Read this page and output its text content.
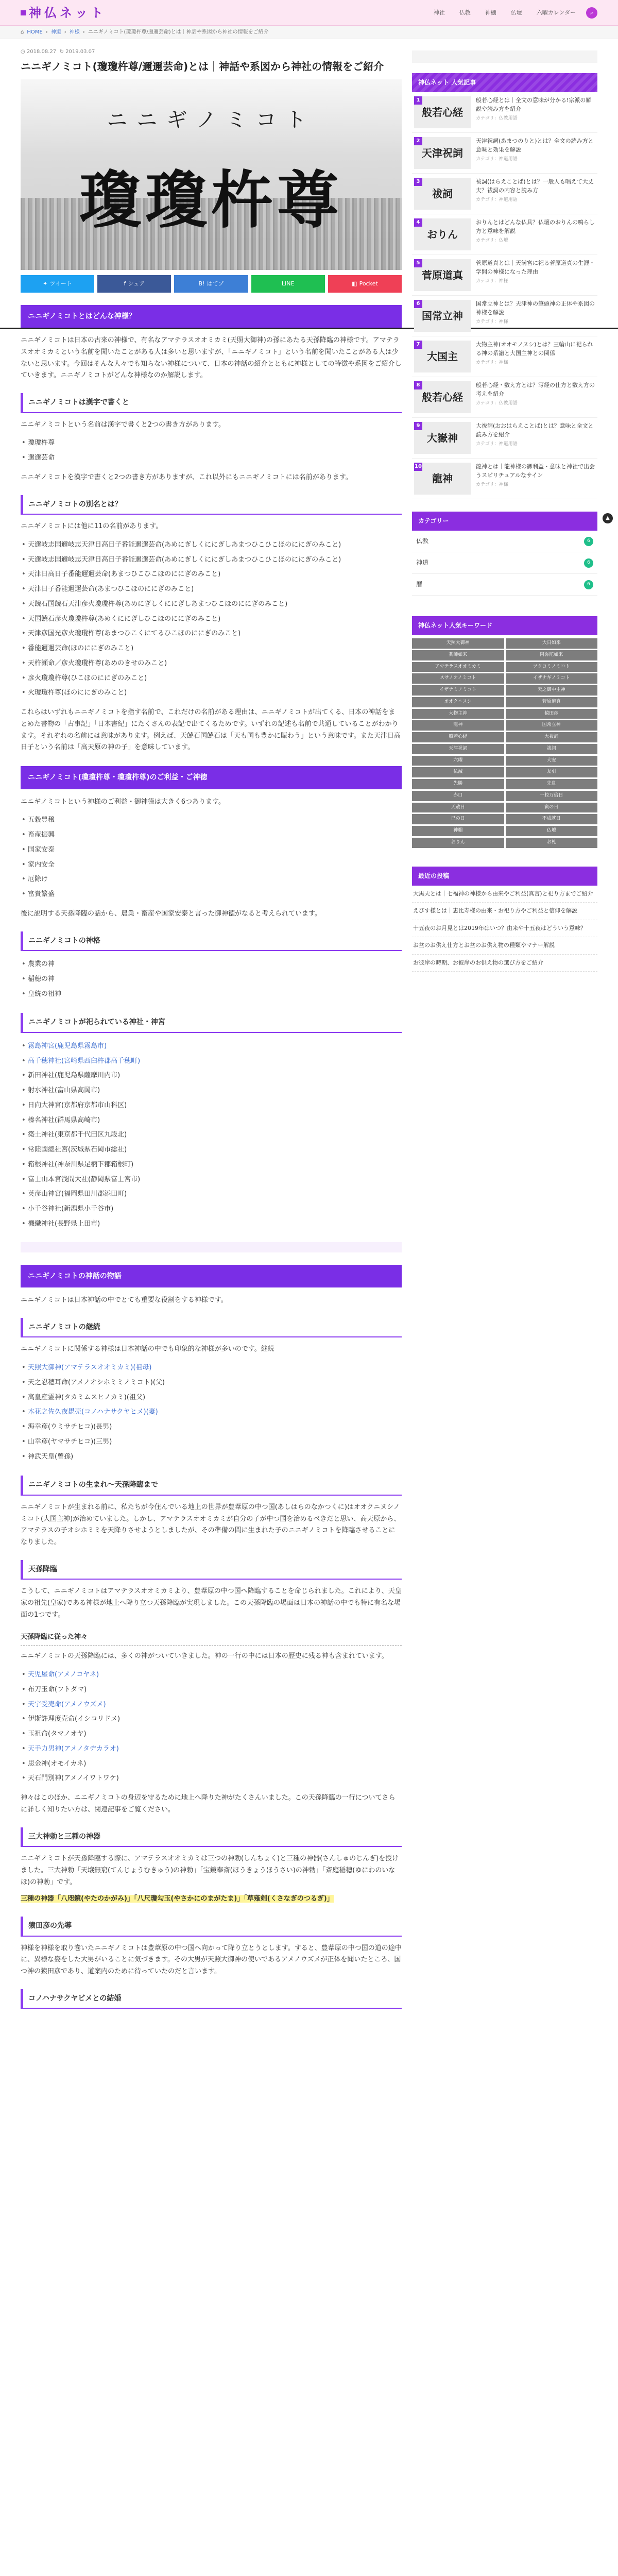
神仏ネット	神社	仏教	神棚	仏壇	六曜カレンダー	⌕
⌂ HOME › 神道 › 神様 › ニニギノミコト(瓊瓊杵尊/邇邇芸命)とは｜神話や系図から神社の情報をご紹介
▲
◷ 2018.08.27 ↻ 2019.03.07
ニニギノミコト(瓊瓊杵尊/邇邇芸命)とは｜神話や系図から神社の情報をご紹介
ニニギノミコト
瓊瓊杵尊
✦ ツイート	f シェア	B! はてブ	LINE	◧ Pocket
ニニギノミコトとはどんな神様？

ニニギノミコトは日本の古来の神様で、有名なアマテラスオオミカミ(天照大御神)の孫にあたる天孫降臨の神様です。アマテラスオオミカミという名前を聞いたことがある人は多いと思いますが、「ニニギノミコト」という名前を聞いたことがある人は少ないと思います。今回はそんな人々でも知らない神様について、日本の神話の紹介とともに神様としての特徴や系図をご紹介していきます。ニニギノミコトがどんな神様なのか解説します。

ニニギノミコトは漢字で書くと

ニニギノミコトという名前は漢字で書くと2つの書き方があります。

• 瓊瓊杵尊
• 邇邇芸命

ニニギノミコトを漢字で書くと2つの書き方がありますが、これ以外にもニニギノミコトには名前があります。

ニニギノミコトの別名とは？

ニニギノミコトには他に11の名前があります。

• 天邇岐志国邇岐志天津日高日子番能邇邇芸命(あめにぎしくににぎしあまつひこひこほのににぎのみこと)
• 天邇岐志国邇岐志天津日高日子番能邇邇芸命(あめにぎしくににぎしあまつひこひこほのににぎのみこと)
• 天津日高日子番能邇邇芸命(あまつひこひこほのににぎのみこと)
• 天津日子番能邇邇芸命(あまつひこほのににぎのみこと)
• 天饒石国饒石天津彦火瓊瓊杵尊(あめにぎしくににぎしあまつひこほのににぎのみこと)
• 天国饒石彦火瓊瓊杵尊(あめくににぎしひこほのににぎのみこと)
• 天津彦国光彦火瓊瓊杵尊(あまつひこくにてるひこほのににぎのみこと)
• 番能邇邇芸命(ほのににぎのみこと)
• 天杵瀬命／彦火瓊瓊杵尊(あめのきせのみこと)
• 彦火瓊瓊杵尊(ひこほのににぎのみこと)
• 火瓊瓊杵尊(ほのににぎのみこと)

これらはいずれもニニギノミコトを指す名前で、これだけの名前がある理由は、ニニギノミコトが出てくる、日本の神話をまとめた書物の「古事記」「日本書紀」にたくさんの表記で出てくるためです。いずれの記述も名前で共通していることがわかります。それぞれの名前には意味があります。例えば、天饒石国饒石は「天も国も豊かに賑わう」という意味です。また天津日高日子という名前は「高天原の神の子」を意味しています。

ニニギノミコト(瓊瓊杵尊・瓊瓊杵尊)のご利益・ご神徳

ニニギノミコトという神様のご利益・御神徳は大きく6つあります。

• 五穀豊穣
• 畜産振興
• 国家安泰
• 家内安全
• 厄除け
• 富貴繁盛

後に説明する天孫降臨の話から、農業・畜産や国家安泰と言った御神徳がなると考えられています。

ニニギノミコトの神格
• 農業の神
• 稲穂の神
• 皇統の祖神
ニニギノミコトが祀られている神社・神宮
• 霧島神宮(鹿児島県霧島市)
• 高千穂神社(宮崎県西臼杵郡高千穂町)
• 新田神社(鹿児島県薩摩川内市)
• 射水神社(富山県高岡市)
• 日向大神宮(京都府京都市山科区)
• 榛名神社(群馬県高崎市)
• 築土神社(東京都千代田区九段北)
• 常陸國總社宮(茨城県石岡市総社)
• 箱根神社(神奈川県足柄下郡箱根町)
• 富士山本宮浅間大社(静岡県富士宮市)
• 英彦山神宮(福岡県田川郡添田町)
• 小千谷神社(新潟県小千谷市)
• 機織神社(長野県上田市)
ニニギノミコトの神話の物語

ニニギノミコトは日本神話の中でとても重要な役割をする神様です。

ニニギノミコトの継続

ニニギノミコトに関係する神様は日本神話の中でも印象的な神様が多いのです。継続

• 天照大御神(アマテラスオオミカミ)(祖母)
• 天之忍穂耳命(アメノオシホミミノミコト)(父)
• 高皇産霊神(タカミムスヒノカミ)(祖父)
• 木花之佐久夜毘売(コノハナサクヤヒメ)(妻)
• 海幸彦(ウミサチヒコ)(長男)
• 山幸彦(ヤマサチヒコ)(三男)
• 神武天皇(曾孫)
ニニギノミコトの生まれ〜天孫降臨まで

ニニギノミコトが生まれる前に、私たちが今住んでいる地上の世界が豊葦原の中つ国(あしはらのなかつくに)はオオクニヌシノミコト(大国主神)が治めていました。しかし、アマテラスオオミカミが自分の子が中つ国を治めるべきだと思い、高天原から、アマテラスの子オシホミミを天降りさせようとしましたが、その準備の間に生まれた子のニニギノミコトを降臨させることになりました。

天孫降臨

こうして、ニニギノミコトはアマテラスオオミカミより、豊葦原の中つ国へ降臨することを命じられました。これにより、天皇家の祖先(皇家)である神様が地上へ降り立つ天孫降臨が実現しました。この天孫降臨の場面は日本の神話の中でも特に有名な場面の1つです。

天孫降臨に従った神々

ニニギノミコトの天孫降臨には、多くの神がついていきました。神の一行の中には日本の歴史に残る神も含まれています。

• 天児屋命(アメノコヤネ)
• 布刀玉命(フトダマ)
• 天宇受売命(アメノウズメ)
• 伊斯許理度売命(イシコリドメ)
• 玉祖命(タマノオヤ)
• 天手力男神(アメノタヂカラオ)
• 思金神(オモイカネ)
• 天石門別神(アメノイワトワケ)

神々はこのほか、ニニギノミコトの身辺を守るために地上へ降りた神がたくさんいました。この天孫降臨の一行についてさらに詳しく知りたい方は、関連記事をご覧ください。

三大神勅と三種の神器

ニニギノミコトが天孫降臨する際に、アマテラスオオミカミは三つの神勅(しんちょく)と三種の神器(さんしゅのじんぎ)を授けました。三大神勅「天壌無窮(てんじょうむきゅう)の神勅」「宝鏡奉斎(ほうきょうほうさい)の神勅」「斎庭稲穂(ゆにわのいなほ)の神勅」です。

三種の神器「八咫鏡(やたのかがみ)」「八尺瓊勾玉(やさかにのまがたま)」「草薙剣(くさなぎのつるぎ)」

猿田彦の先導

神様を神様を取り巻いたニニギノミコトは豊葦原の中つ国へ向かって降り立とうとします。すると、豊葦原の中つ国の道の途中に、異様な姿をした大男がいることに気づきます。その大男が天照大御神の使いであるアメノウズメが正体を聞いたところ、国つ神の猿田彦であり、道案内のために待っていたのだと言います。

コノハナサクヤビメとの結婚
神仏ネット 人気記事
1
般若心経
般若心経とは｜全文の意味が分かる!宗派の解説や読み方を紹介
カテゴリ：仏教用語
2
天津祝詞
天津祝詞(あまつのりと)とは？全文の読み方と意味と効果を解説
カテゴリ：神道用語
3
祓詞
祓詞(はらえことば)とは？一般人も唱えて大丈夫？祓詞の内容と読み方
カテゴリ：神道用語
4
おりん
おりんとはどんな仏具？仏壇のおりんの鳴らし方と意味を解説
カテゴリ：仏壇
5
菅原道真
菅原道真とは｜天満宮に祀る菅原道真の生涯・学問の神様になった理由
カテゴリ：神様
6
国常立神
国常立神とは？天津神の筆頭神の正体や系図の神様を解説
カテゴリ：神様
7
大国主
大物主神(オオモノヌシ)とは？三輪山に祀られる神の系譜と大国主神との関係
カテゴリ：神様
8
般若心経
般若心経・数え方とは？写経の仕方と数え方の考えを紹介
カテゴリ：仏教用語
9
大嶽神
大祓詞(おおはらえことば)とは？意味と全文と読み方を紹介
カテゴリ：神道用語
10
龍神
龍神とは｜龍神様の御利益・意味と神社で出会うスピリチュアルなサイン
カテゴリ：神様
カテゴリー
仏教	6
神道	6
暦	6
神仏ネット人気キーワード
天照大御神	大日如来
薬師如来	阿弥陀如来
アマテラスオオミカミ	ツクヨミノミコト
スサノオノミコト	イザナギノミコト
イザナミノミコト	天之御中主神
オオクニヌシ	菅原道真
大物主神	猿田彦
龍神	国常立神
般若心経	大祓詞
天津祝詞	祓詞
六曜	大安
仏滅	友引
先勝	先負
赤口	一粒万倍日
天赦日	寅の日
巳の日	不成就日
神棚	仏壇
おりん	お札
最近の投稿
大黒天とは｜七福神の神様から由来やご利益(真言)と祀り方までご紹介
えびす様とは｜恵比寿様の由来・お祀り方やご利益と信仰を解説
十五夜のお月見とは2019年はいつ？由来や十五夜はどういう意味？
お盆のお供え仕方とお盆のお供え物の種類やマナー解説
お彼岸の時期、お彼岸のお供え物の選び方をご紹介
